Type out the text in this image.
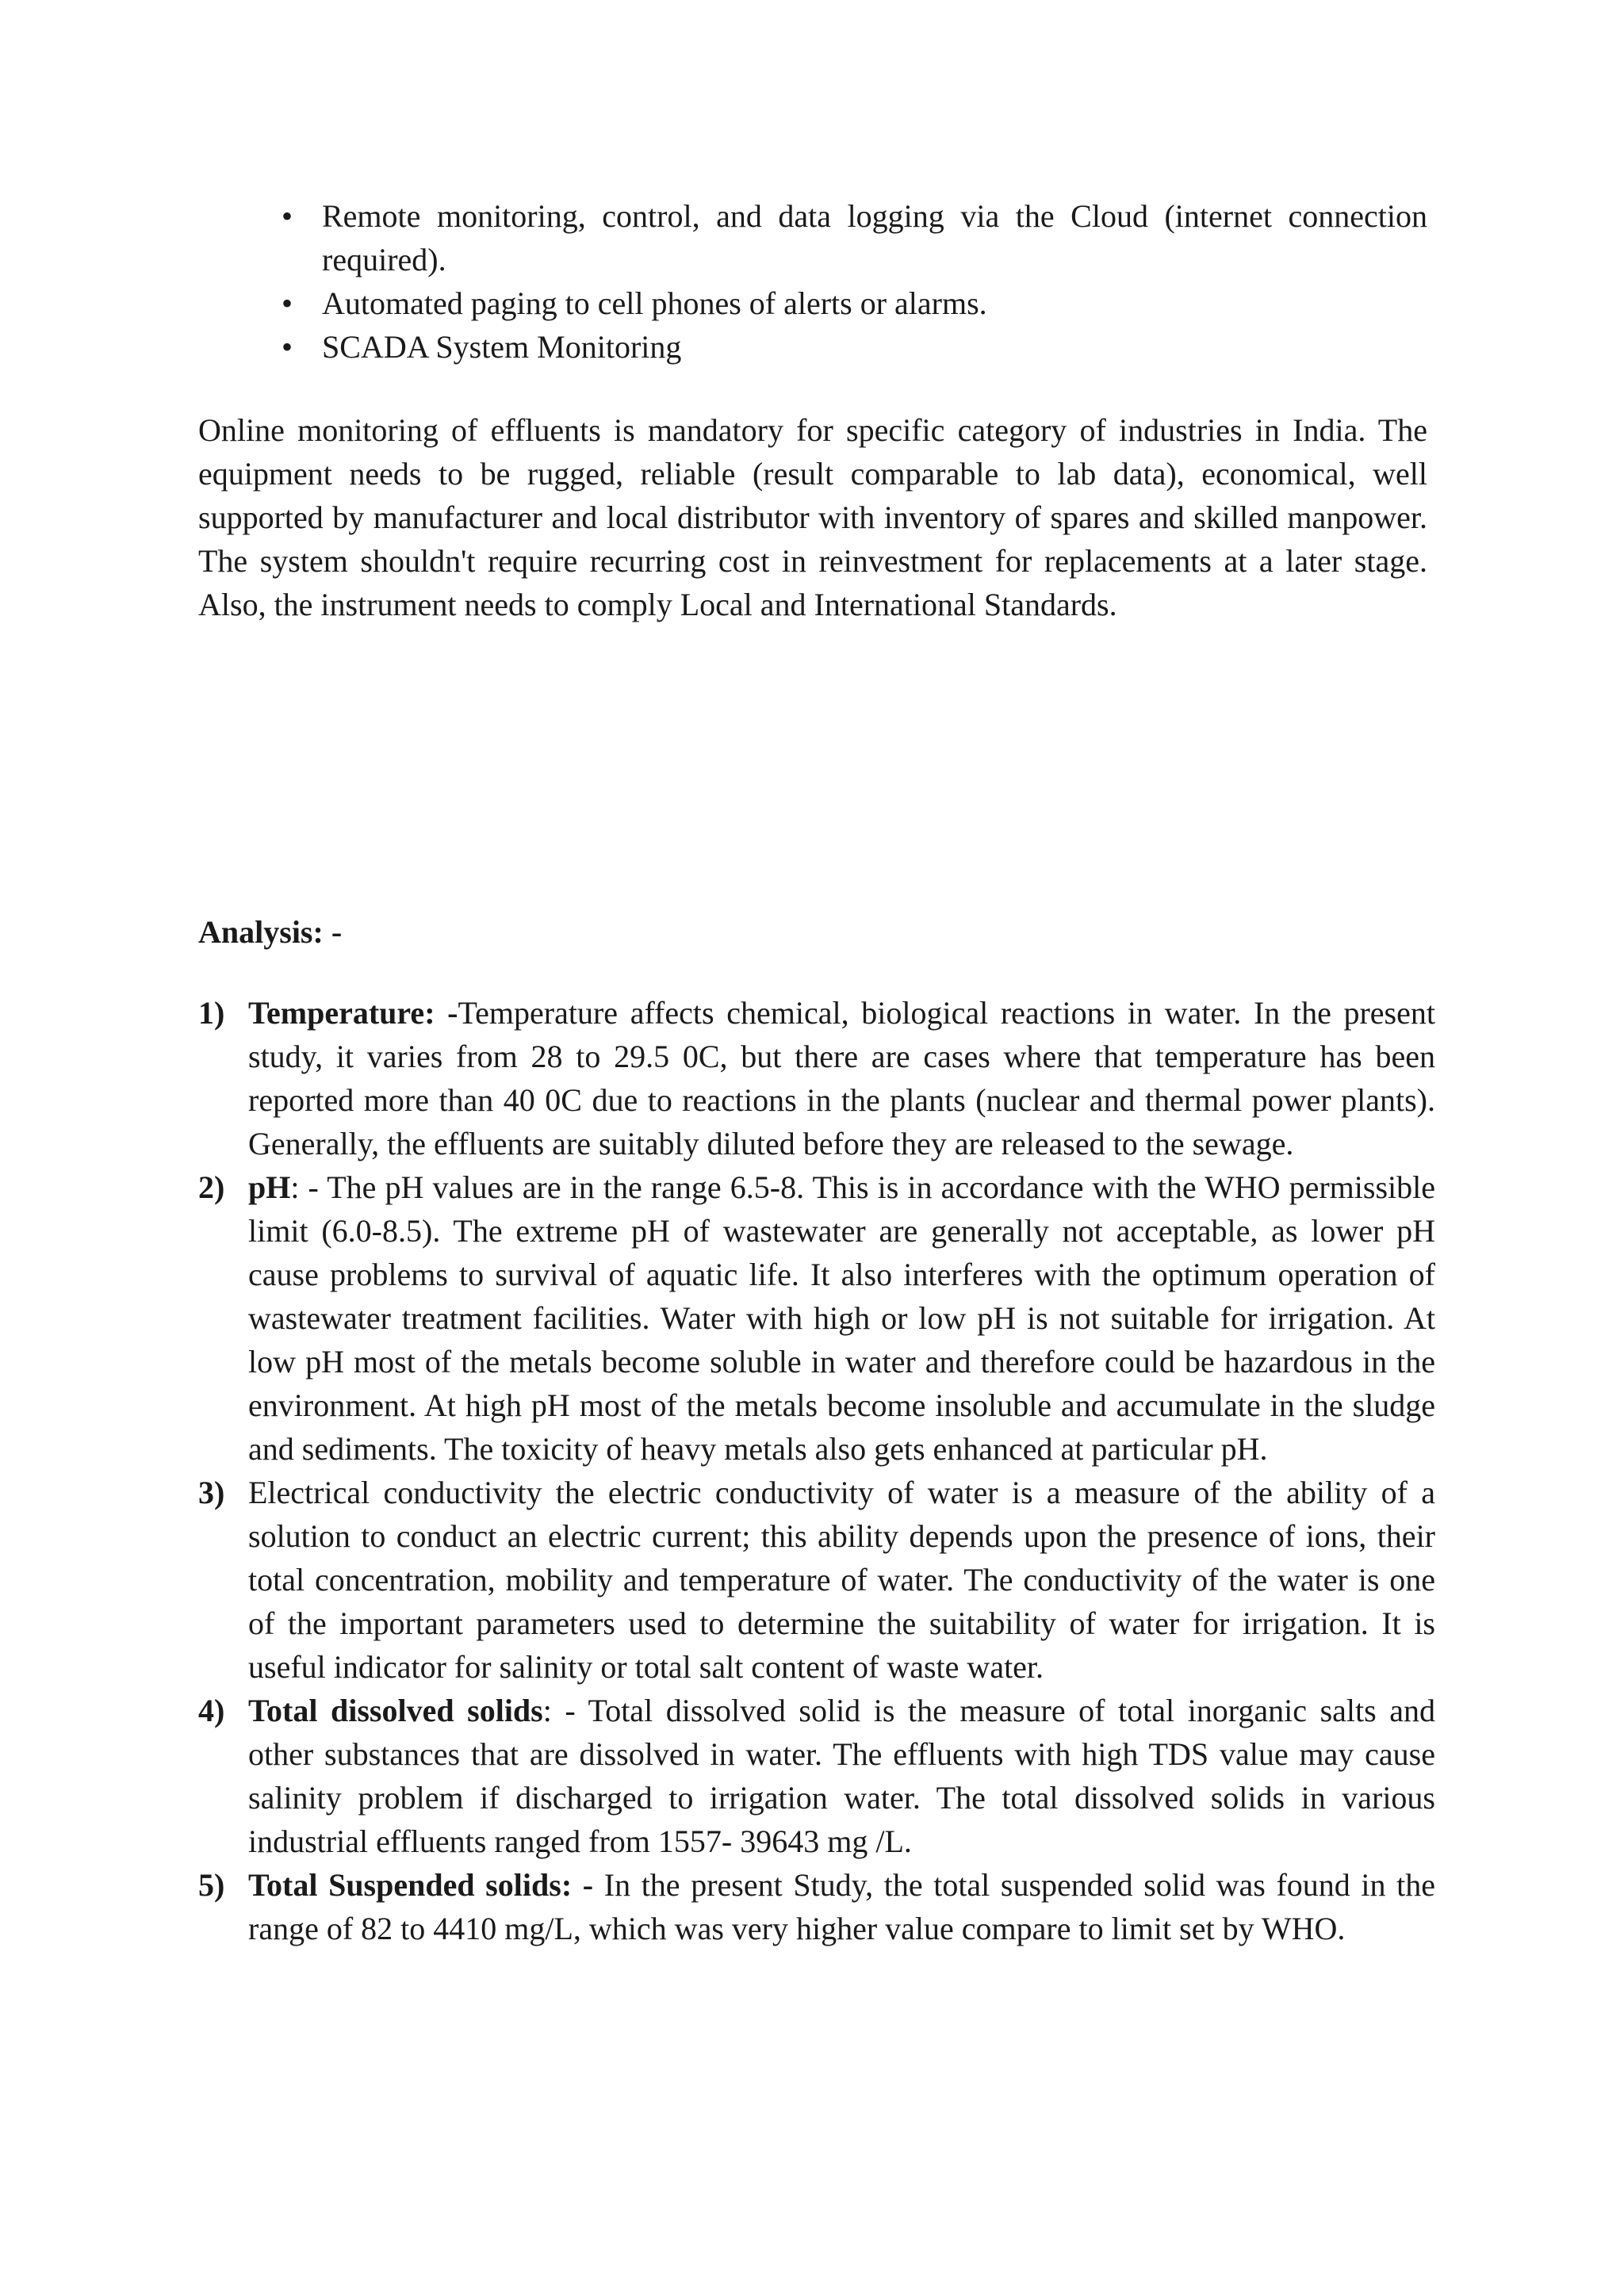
• Remote monitoring, control, and data logging via the Cloud (internet connection required).
• Automated paging to cell phones of alerts or alarms.
• SCADA System Monitoring

Online monitoring of effluents is mandatory for specific category of industries in India. The equipment needs to be rugged, reliable (result comparable to lab data), economical, well supported by manufacturer and local distributor with inventory of spares and skilled manpower. The system shouldn't require recurring cost in reinvestment for replacements at a later stage. Also, the instrument needs to comply Local and International Standards.

Analysis: -

1) Temperature: -Temperature affects chemical, biological reactions in water. In the present study, it varies from 28 to 29.5 0C, but there are cases where that temperature has been reported more than 40 0C due to reactions in the plants (nuclear and thermal power plants). Generally, the effluents are suitably diluted before they are released to the sewage.
2) pH: - The pH values are in the range 6.5-8. This is in accordance with the WHO permissible limit (6.0-8.5). The extreme pH of wastewater are generally not acceptable, as lower pH cause problems to survival of aquatic life. It also interferes with the optimum operation of wastewater treatment facilities. Water with high or low pH is not suitable for irrigation. At low pH most of the metals become soluble in water and therefore could be hazardous in the environment. At high pH most of the metals become insoluble and accumulate in the sludge and sediments. The toxicity of heavy metals also gets enhanced at particular pH.
3) Electrical conductivity the electric conductivity of water is a measure of the ability of a solution to conduct an electric current; this ability depends upon the presence of ions, their total concentration, mobility and temperature of water. The conductivity of the water is one of the important parameters used to determine the suitability of water for irrigation. It is useful indicator for salinity or total salt content of waste water.
4) Total dissolved solids: - Total dissolved solid is the measure of total inorganic salts and other substances that are dissolved in water. The effluents with high TDS value may cause salinity problem if discharged to irrigation water. The total dissolved solids in various industrial effluents ranged from 1557- 39643 mg /L.
5) Total Suspended solids: - In the present Study, the total suspended solid was found in the range of 82 to 4410 mg/L, which was very higher value compare to limit set by WHO.
